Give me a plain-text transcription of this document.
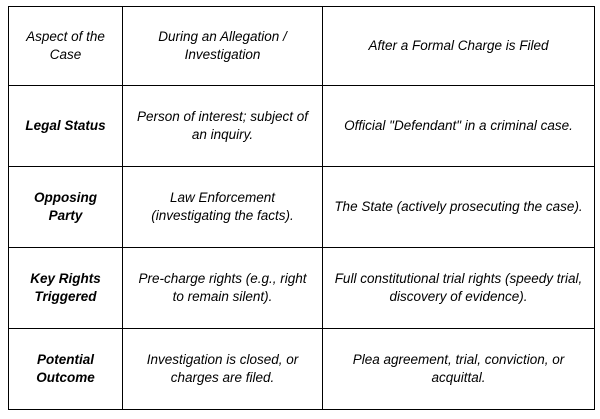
Aspect of the Case	During an Allegation / Investigation	After a Formal Charge is Filed
Legal Status	Person of interest; subject of an inquiry.	Official "Defendant" in a criminal case.
Opposing Party	Law Enforcement (investigating the facts).	The State (actively prosecuting the case).
Key Rights Triggered	Pre-charge rights (e.g., right to remain silent).	Full constitutional trial rights (speedy trial, discovery of evidence).
Potential Outcome	Investigation is closed, or charges are filed.	Plea agreement, trial, conviction, or acquittal.
